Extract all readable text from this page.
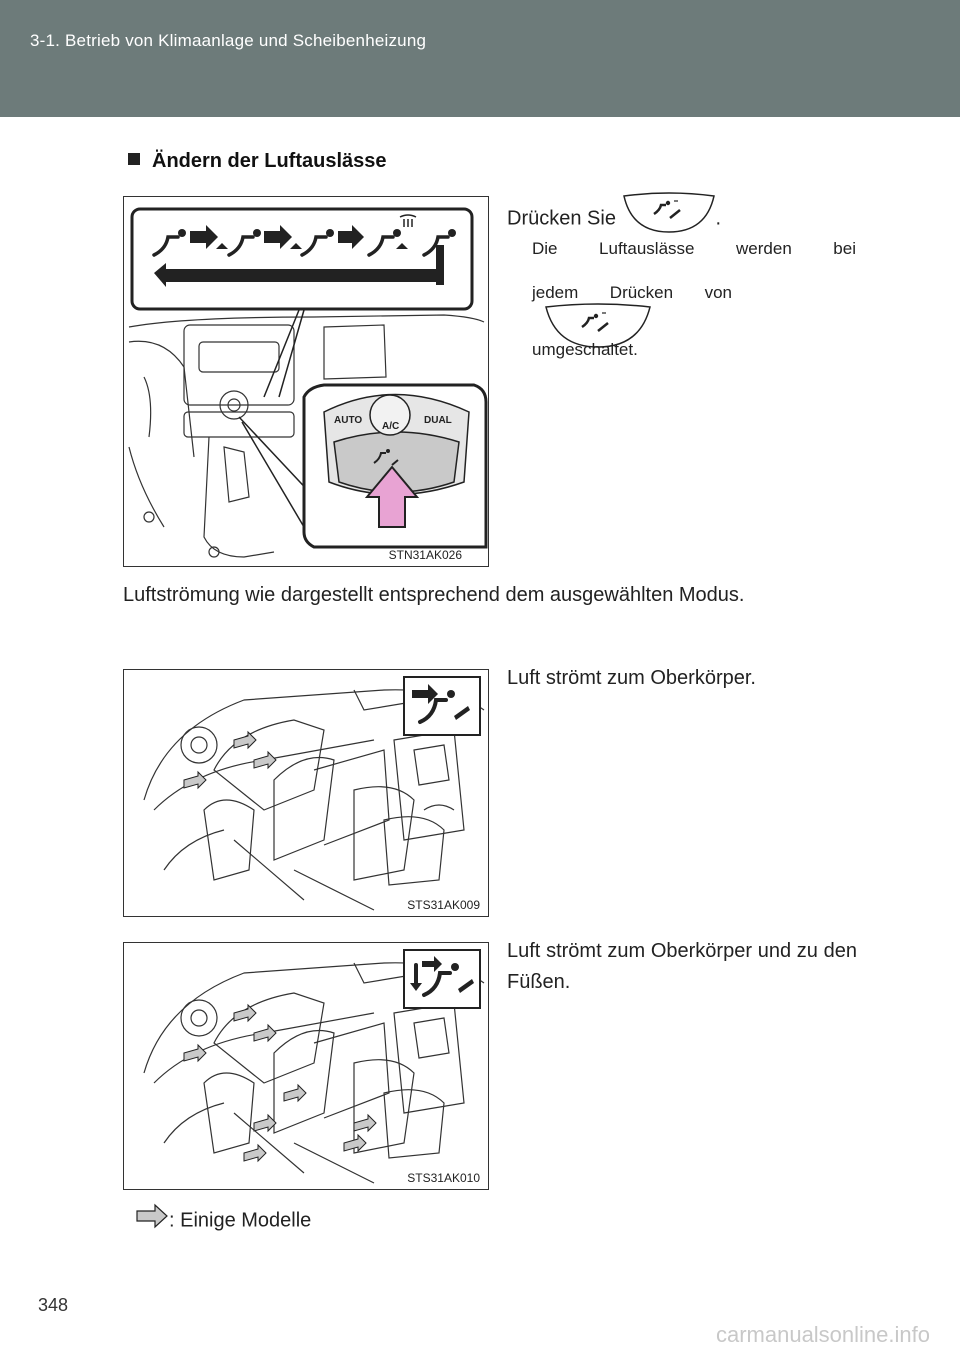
3-1. Betrieb von Klimaanlage und Scheibenheizung
Ändern der Luftauslässe
AUTO
A/C
DUAL
STN31AK026
Drücken Sie	.
Die Luftauslässe werden bei
jedem Drücken von
umgeschaltet.
Luftströmung wie dargestellt entsprechend dem ausgewählten Modus.
STS31AK009
Luft strömt zum Oberkörper.
STS31AK010
Luft strömt zum Oberkörper und zu den Füßen.
: Einige Modelle
348
carmanualsonline.info
